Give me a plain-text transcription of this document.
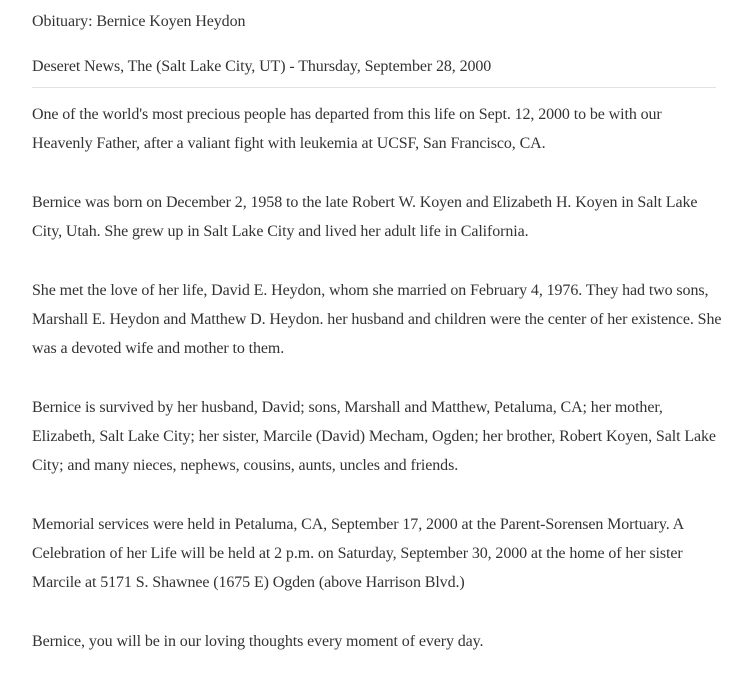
Obituary: Bernice Koyen Heydon
Deseret News, The (Salt Lake City, UT) - Thursday, September 28, 2000

One of the world's most precious people has departed from this life on Sept. 12, 2000 to be with our Heavenly Father, after a valiant fight with leukemia at UCSF, San Francisco, CA.

Bernice was born on December 2, 1958 to the late Robert W. Koyen and Elizabeth H. Koyen in Salt Lake City, Utah. She grew up in Salt Lake City and lived her adult life in California.

She met the love of her life, David E. Heydon, whom she married on February 4, 1976. They had two sons, Marshall E. Heydon and Matthew D. Heydon. her husband and children were the center of her existence. She was a devoted wife and mother to them.

Bernice is survived by her husband, David; sons, Marshall and Matthew, Petaluma, CA; her mother, Elizabeth, Salt Lake City; her sister, Marcile (David) Mecham, Ogden; her brother, Robert Koyen, Salt Lake City; and many nieces, nephews, cousins, aunts, uncles and friends.

Memorial services were held in Petaluma, CA, September 17, 2000 at the Parent-Sorensen Mortuary. A Celebration of her Life will be held at 2 p.m. on Saturday, September 30, 2000 at the home of her sister Marcile at 5171 S. Shawnee (1675 E) Ogden (above Harrison Blvd.)

Bernice, you will be in our loving thoughts every moment of every day.
